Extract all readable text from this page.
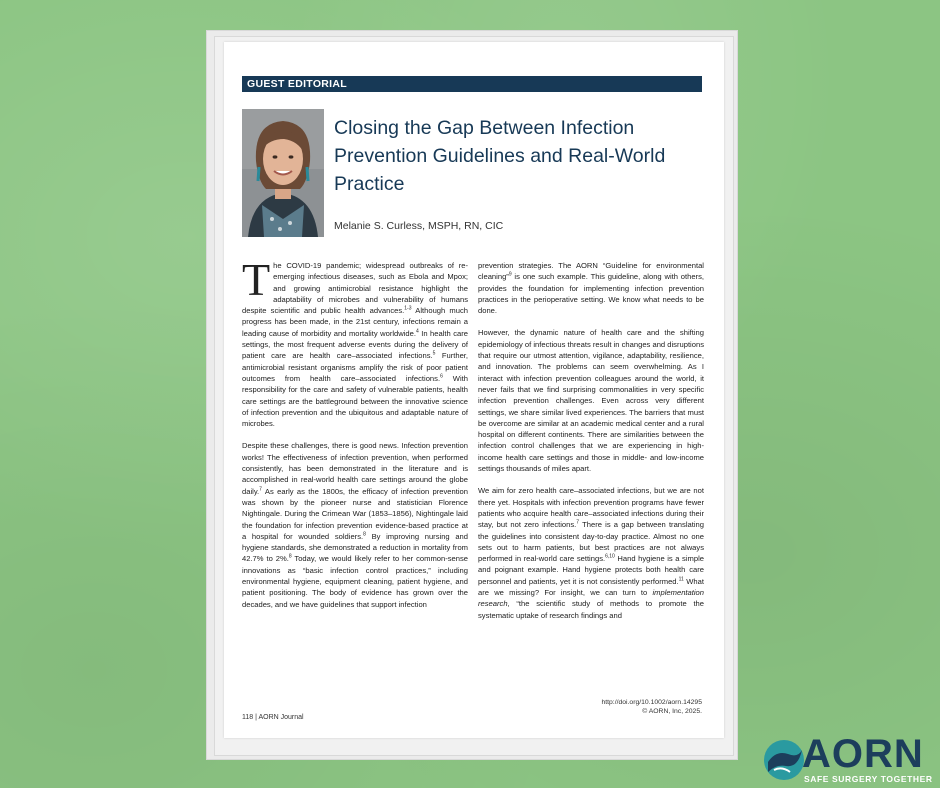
GUEST EDITORIAL
Closing the Gap Between Infection Prevention Guidelines and Real-World Practice
Melanie S. Curless, MSPH, RN, CIC

The COVID-19 pandemic; widespread outbreaks of re-emerging infectious diseases, such as Ebola and Mpox; and growing antimicrobial resistance highlight the adaptability of microbes and vulnerability of humans despite scientific and public health advances.$^{1-3}$ Although much progress has been made, in the 21st century, infections remain a leading cause of morbidity and mortality worldwide.$^4$ In health care settings, the most frequent adverse events during the delivery of patient care are health care–associated infections.$^5$ Further, antimicrobial resistant organisms amplify the risk of poor patient outcomes from health care–associated infections.$^6$ With responsibility for the care and safety of vulnerable patients, health care settings are the battleground between the innovative science of infection prevention and the ubiquitous and adaptable nature of microbes.

Despite these challenges, there is good news. Infection prevention works! The effectiveness of infection prevention, when performed consistently, has been demonstrated in the literature and is accomplished in real-world health care settings around the globe daily.$^7$ As early as the 1800s, the efficacy of infection prevention was shown by the pioneer nurse and statistician Florence Nightingale. During the Crimean War (1853–1856), Nightingale laid the foundation for infection prevention evidence-based practice at a hospital for wounded soldiers.$^8$ By improving nursing and hygiene standards, she demonstrated a reduction in mortality from 42.7% to 2%.$^8$ Today, we would likely refer to her common-sense innovations as “basic infection control practices,” including environmental hygiene, equipment cleaning, patient hygiene, and patient positioning. The body of evidence has grown over the decades, and we have guidelines that support infection

prevention strategies. The AORN “Guideline for environmental cleaning”$^9$ is one such example. This guideline, along with others, provides the foundation for implementing infection prevention practices in the perioperative setting. We know what needs to be done.

However, the dynamic nature of health care and the shifting epidemiology of infectious threats result in changes and disruptions that require our utmost attention, vigilance, adaptability, resilience, and innovation. The problems can seem overwhelming. As I interact with infection prevention colleagues around the world, it never fails that we find surprising commonalities in very specific infection prevention challenges. Even across very different settings, we share similar lived experiences. The barriers that must be overcome are similar at an academic medical center and a rural hospital on different continents. There are similarities between the infection control challenges that we are experiencing in high-income health care settings and those in middle- and low-income settings thousands of miles apart.

We aim for zero health care–associated infections, but we are not there yet. Hospitals with infection prevention programs have fewer patients who acquire health care–associated infections during their stay, but not zero infections.$^7$ There is a gap between translating the guidelines into consistent day-to-day practice. Almost no one sets out to harm patients, but best practices are not always performed in real-world care settings.$^{6,10}$ Hand hygiene is a simple and poignant example. Hand hygiene protects both health care personnel and patients, yet it is not consistently performed.$^{11}$ What are we missing? For insight, we can turn to implementation research, “the scientific study of methods to promote the systematic uptake of research findings and

http://doi.org/10.1002/aorn.14295
© AORN, Inc, 2025.
118 | AORN Journal
AORN
SAFE SURGERY TOGETHER
